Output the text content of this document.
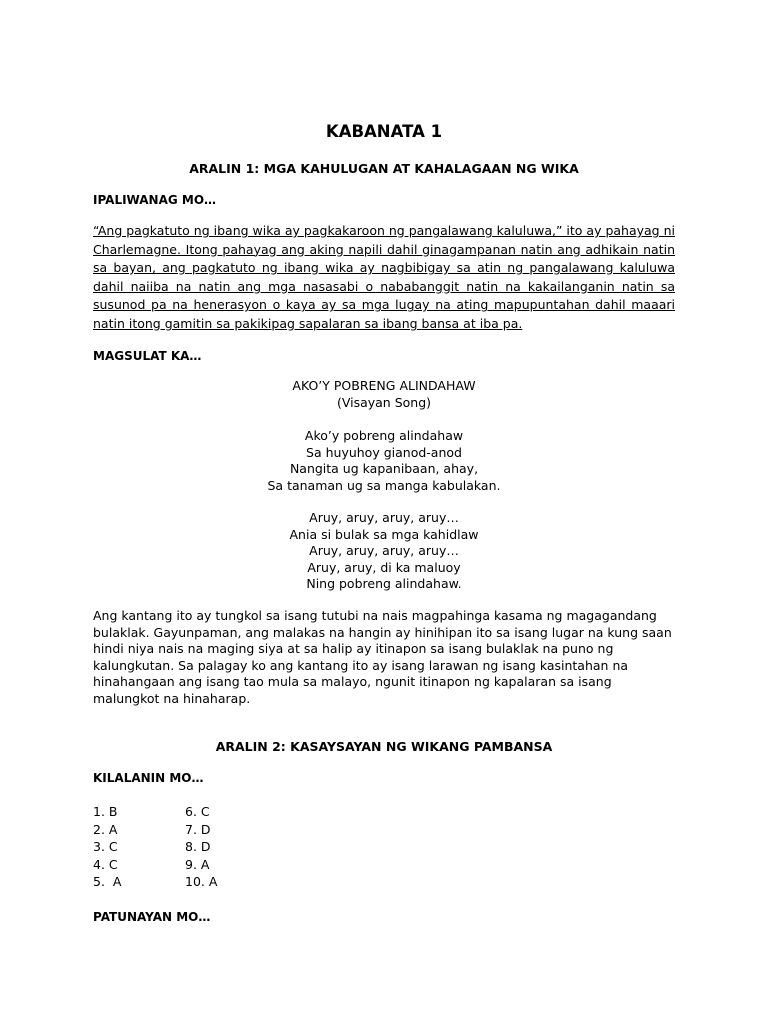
KABANATA 1
ARALIN 1: MGA KAHULUGAN AT KAHALAGAAN NG WIKA
IPALIWANAG MO…
“Ang pagkatuto ng ibang wika ay pagkakaroon ng pangalawang kaluluwa,” ito ay pahayag ni Charlemagne. Itong pahayag ang aking napili dahil ginagampanan natin ang adhikain natin sa bayan, ang pagkatuto ng ibang wika ay nagbibigay sa atin ng pangalawang kaluluwa dahil naiiba na natin ang mga nasasabi o nababanggit natin na kakailanganin natin sa susunod pa na henerasyon o kaya ay sa mga lugay na ating mapupuntahan dahil maaari natin itong gamitin sa pakikipag sapalaran sa ibang bansa at iba pa.
MAGSULAT KA…
AKO’Y POBRENG ALINDAHAW
(Visayan Song)
Ako’y pobreng alindahaw
Sa huyuhoy gianod-anod
Nangita ug kapanibaan, ahay,
Sa tanaman ug sa manga kabulakan.
Aruy, aruy, aruy, aruy…
Ania si bulak sa mga kahidlaw
Aruy, aruy, aruy, aruy…
Aruy, aruy, di ka maluoy
Ning pobreng alindahaw.
Ang kantang ito ay tungkol sa isang tutubi na nais magpahinga kasama ng magagandang bulaklak. Gayunpaman, ang malakas na hangin ay hinihipan ito sa isang lugar na kung saan hindi niya nais na maging siya at sa halip ay itinapon sa isang bulaklak na puno ng kalungkutan. Sa palagay ko ang kantang ito ay isang larawan ng isang kasintahan na hinahangaan ang isang tao mula sa malayo, ngunit itinapon ng kapalaran sa isang malungkot na hinaharap.
ARALIN 2: KASAYSAYAN NG WIKANG PAMBANSA
KILALANIN MO…
1. B	6. C
2. A	7. D
3. C	8. D
4. C	9. A
5.  A	10. A
PATUNAYAN MO…
